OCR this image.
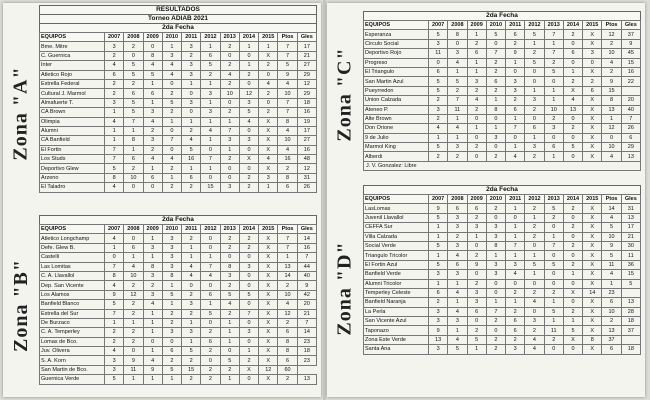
RESULTADOS
Torneo ADIAB 2021
Zona "A"
2da Fecha
EQUIPOS	2007	2008	2009	2010	2011	2012	2013	2014	2015	Ptos	Gles
Bme. Mitre	3	2	0	1	3	1	2	1	1	7	17
C. Guernica	2	0	8	3	2	6	0	0	X	7	21
Inter	4	5	4	4	3	5	2	1	2	5	27
Atletico Rojo	6	5	5	4	3	2	4	2	0	9	29
Estrella Federal	2	2	1	0	1	1	2	0	4	4	12
Cultural J. Marmol	2	6	6	2	0	3	10	12	2	10	29
Almafuerte T.	3	5	1	5	3	1	0	3	0	7	18
CA Brown	1	5	3	2	0	3	2	5	2	7	16
Olimpia	4	7	4	1	1	1	1	4	X	8	19
Alumni	1	1	2	0	2	4	7	0	X	4	17
CA Banfield	1	8	3	7	4	1	3	3	X	10	27
El Fortin	7	1	2	0	5	0	1	0	X	4	16
Los Studs	7	6	4	4	16	7	2	X	4	16	48
Deportivo Glew	5	2	1	2	1	1	0	0	X	2	12
Arzeno	8	10	6	1	6	0	0	2	3	8	31
El Taladro	4	0	0	2	2	15	3	2	1	6	26
Zona "B"
2da Fecha
EQUIPOS	2007	2008	2009	2010	2011	2012	2013	2014	2015	Ptos	Gles
Atletico Longchamp	4	0	1	3	2	0	2	2	X	7	14
Defe. Glew B.	1	6	3	3	1	0	2	2	X	7	16
Castelli	0	1	1	3	1	1	0	0	X	1	7
Las Lomitas	7	4	8	3	4	7	8	3	X	13	44
C. A. Llavallol	8	10	3	8	4	4	3	0	X	14	40
Dep. San Vicente	4	2	2	1	0	0	2	0	X	2	9
Los Alamos	9	12	3	5	2	6	5	5	X	10	42
Banfield Blanco	5	2	4	1	3	1	4	0	X	4	20
Estrella del Sur	7	2	1	2	2	5	2	7	X	12	21
De Burzaco	1	1	1	2	1	0	1	0	X	2	7
C. A. Temperley	2	2	1	3	3	2	1	3	X	6	14
Lomas de Bco.	2	2	0	0	1	6	1	0	X	8	23
Juv. Olivera	4	0	1	6	5	2	0	1	X	8	18
S. A. Korn	3	9	4	2	2	0	5	2	X	6	23
San Martin de Bco.	3	11	9	5	15	2	2	X	12	60	
Guernica Verde	5	1	1	1	2	2	1	0	X	2	13
Zona "C"
2da Fecha
EQUIPOS	2007	2008	2009	2010	2011	2012	2013	2014	2015	Ptos	Gles
Esperanza	5	8	1	5	6	5	7	2	X	12	37
Circulo Social	3	0	2	0	2	1	1	0	X	2	9
Deportivo Rojo	11	3	6	7	9	2	7	6	3	10	45
Progreso	0	4	1	2	1	5	2	0	0	4	15
El Triangulo	6	1	1	2	0	0	5	1	X	2	16
San Martin Azul	5	5	3	6	3	0	0	2	2	9	22
Pueyrredon	5	2	2	2	3	1	1	X	6	15	
Union Calzada	2	7	4	1	2	3	1	4	X	8	20
Ateneo P.	3	11	2	8	6	2	10	13	X	13	40
Alte Brown	2	1	0	0	1	0	2	0	X	1	7
Don Orione	4	4	1	1	7	6	3	2	X	12	26
9 de Julio	1	1	0	3	0	1	0	0	X	0	6
Marmol King	5	3	2	0	1	3	6	5	X	10	29
Alberdi	2	2	0	2	4	2	1	0	X	4	13
J. V. Gonzalez: Libre
Zona "D"
2da Fecha
EQUIPOS	2007	2008	2009	2010	2011	2012	2013	2014	2015	Ptos	Gles
LasLomas	9	6	6	2	1	2	5	2	X	14	31
Juvenil Llavallol	5	3	2	0	0	1	2	0	X	4	13
CEFFA Sur	1	3	3	3	1	2	0	2	X	5	17
Villa Calzada	1	2	1	3	1	2	1	0	X	10	21
Social Verde	5	3	0	8	7	0	7	2	X	9	30
Triangulo Tricolor	1	4	2	1	1	1	0	0	X	5	11
El Fortin Azul	5	6	9	3	3	5	5	2	X	11	36
Banfield Verde	3	3	0	3	4	1	0	1	X	4	15
Alumni Tricolor	1	1	2	0	0	0	0	0	X	1	5
Temperley Celeste	6	4	3	0	2	2	2	X	14	23	
Banfield Naranja	2	1	3	1	1	4	1	0	X	6	13
La Perla	3	4	6	7	2	0	5	2	X	10	28
San Vicente Azul	3	3	0	2	6	3	1	1	X	2	18
Taponazo	9	1	2	0	6	2	11	5	X	13	37
Zona Este Verde	13	4	5	2	2	4	2	X	8	37	
Santa Ana	3	5	1	2	3	4	0	0	X	6	18
